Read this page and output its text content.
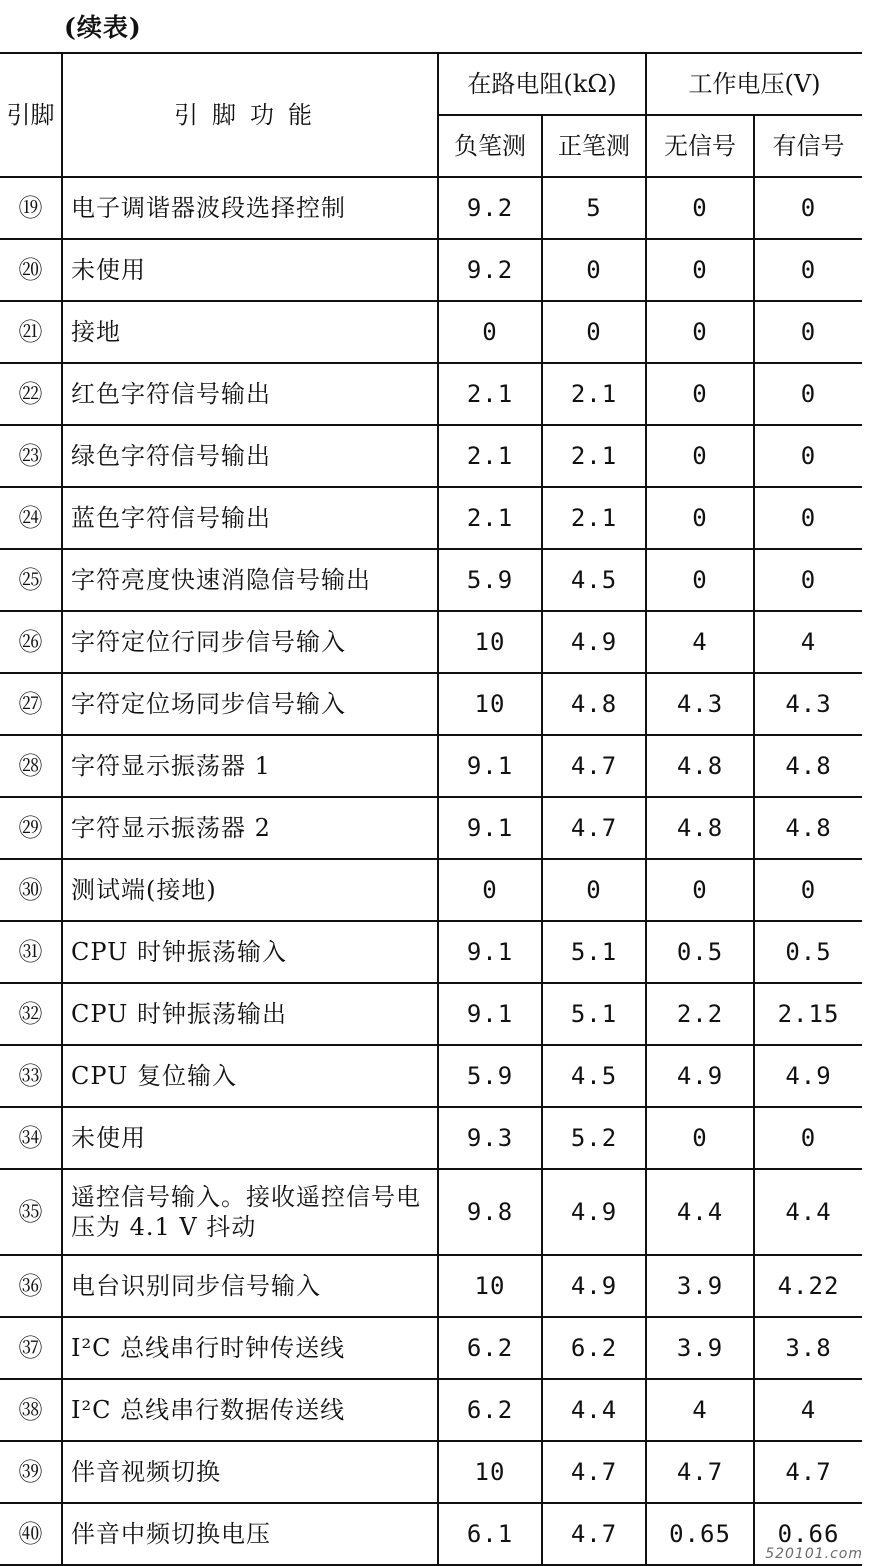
(续表)
引脚	引脚功能	在路电阻(kΩ)		工作电压(V)	
		负笔测	正笔测	无信号	有信号
⑲	电子调谐器波段选择控制	9.2	5	0	0
⑳	未使用	9.2	0	0	0
㉑	接地	0	0	0	0
㉒	红色字符信号输出	2.1	2.1	0	0
㉓	绿色字符信号输出	2.1	2.1	0	0
㉔	蓝色字符信号输出	2.1	2.1	0	0
㉕	字符亮度快速消隐信号输出	5.9	4.5	0	0
㉖	字符定位行同步信号输入	10	4.9	4	4
㉗	字符定位场同步信号输入	10	4.8	4.3	4.3
㉘	字符显示振荡器 1	9.1	4.7	4.8	4.8
㉙	字符显示振荡器 2	9.1	4.7	4.8	4.8
㉚	测试端(接地)	0	0	0	0
㉛	CPU 时钟振荡输入	9.1	5.1	0.5	0.5
㉜	CPU 时钟振荡输出	9.1	5.1	2.2	2.15
㉝	CPU 复位输入	5.9	4.5	4.9	4.9
㉞	未使用	9.3	5.2	0	0
㉟	遥控信号输入。接收遥控信号电压为 4.1 V 抖动	9.8	4.9	4.4	4.4
㊱	电台识别同步信号输入	10	4.9	3.9	4.22
㊲	I²C 总线串行时钟传送线	6.2	6.2	3.9	3.8
㊳	I²C 总线串行数据传送线	6.2	4.4	4	4
㊴	伴音视频切换	10	4.7	4.7	4.7
㊵	伴音中频切换电压	6.1	4.7	0.65	0.66
520101.com
